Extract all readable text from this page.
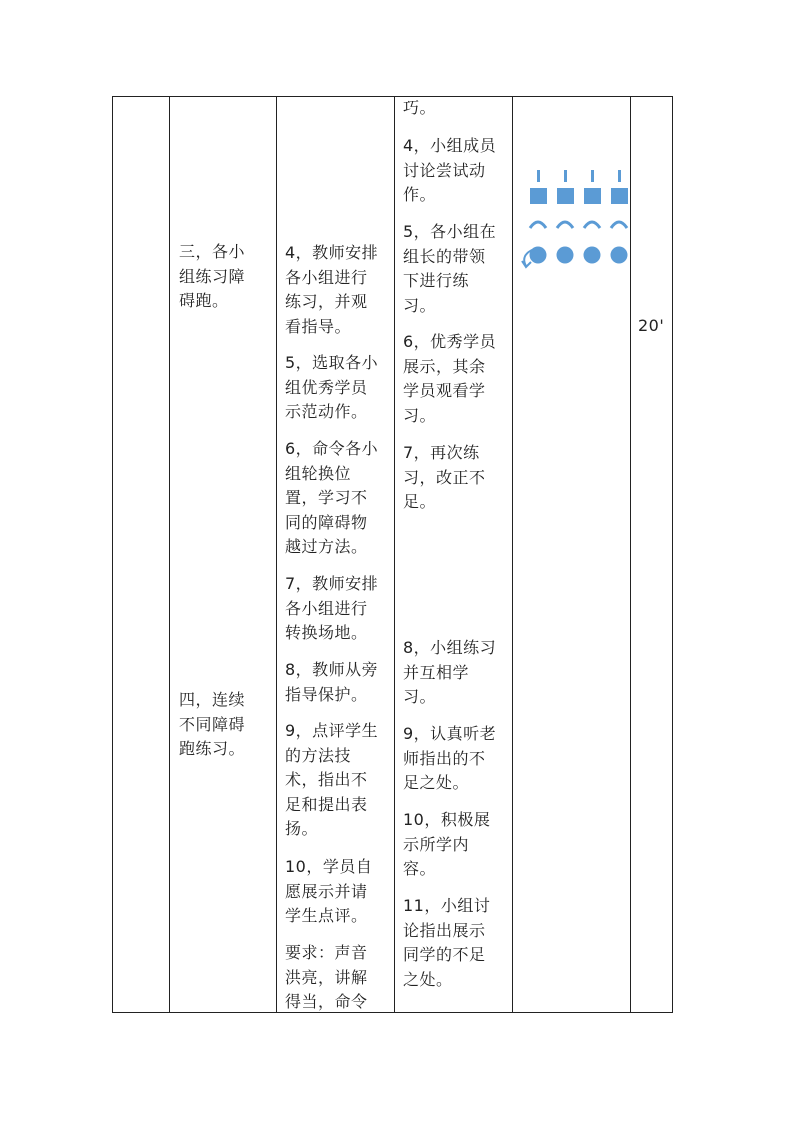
三，各小
组练习障
碍跑。
四，连续
不同障碍
跑练习。
4，教师安排
各小组进行
练习，并观
看指导。
5，选取各小
组优秀学员
示范动作。
6，命令各小
组轮换位
置，学习不
同的障碍物
越过方法。
7，教师安排
各小组进行
转换场地。
8，教师从旁
指导保护。
9，点评学生
的方法技
术，指出不
足和提出表
扬。
10，学员自
愿展示并请
学生点评。
要求：声音
洪亮，讲解
得当，命令
巧。
4，小组成员
讨论尝试动
作。
5，各小组在
组长的带领
下进行练
习。
6，优秀学员
展示，其余
学员观看学
习。
7，再次练
习，改正不
足。
8，小组练习
并互相学
习。
9，认真听老
师指出的不
足之处。
10，积极展
示所学内
容。
11，小组讨
论指出展示
同学的不足
之处。
20'
